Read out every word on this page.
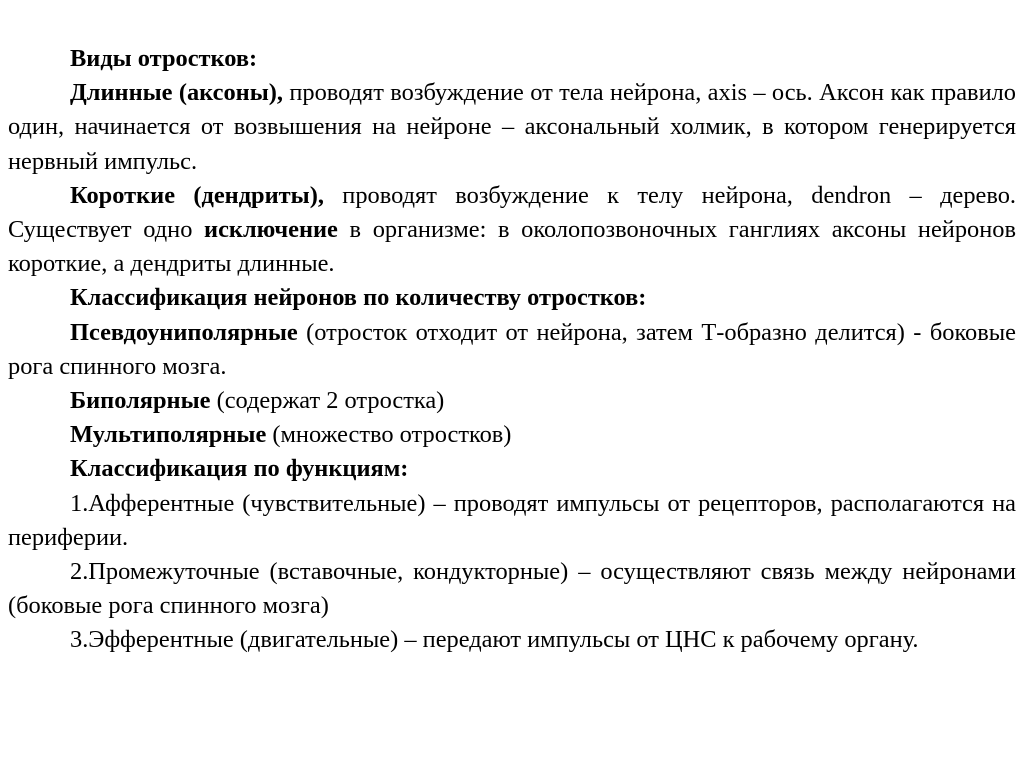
Виды отростков:

Длинные (аксоны), проводят возбуждение от тела нейрона, axis – ось. Аксон как правило один, начинается от возвышения на нейроне – аксональный холмик, в котором генерируется нервный импульс.

Короткие (дендриты), проводят возбуждение к телу нейрона, dendron – дерево. Существует одно исключение в организме: в околопозвоночных ганглиях аксоны нейронов короткие, а дендриты длинные.

Классификация нейронов по количеству отростков:

Псевдоуниполярные (отросток отходит от нейрона, затем Т-образно делится) - боковые рога спинного мозга.

Биполярные (содержат 2 отростка)

Мультиполярные (множество отростков)

Классификация по функциям:

1.Афферентные (чувствительные) – проводят импульсы от рецепторов, располагаются на периферии.

2.Промежуточные (вставочные, кондукторные) – осуществляют связь между нейронами (боковые рога спинного мозга)

3.Эфферентные (двигательные) – передают импульсы от ЦНС к рабочему органу.
